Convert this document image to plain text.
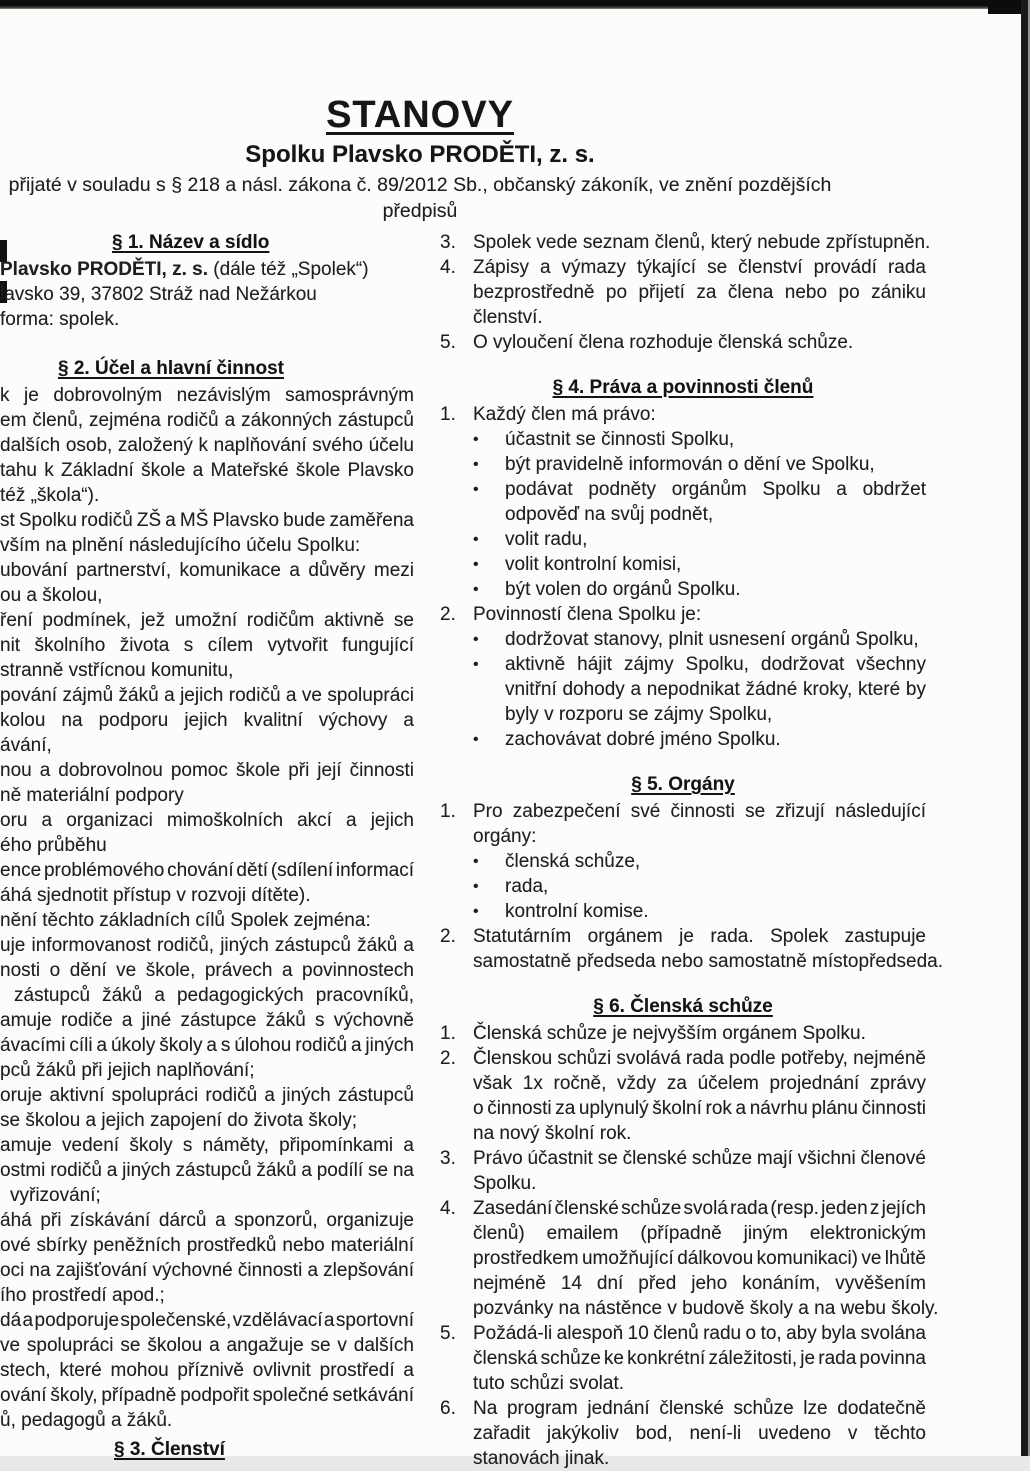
STANOVY
Spolku Plavsko PRODĚTI, z. s.

přijaté v souladu s § 218 a násl. zákona č. 89/2012 Sb., občanský zákoník, ve znění pozdějších předpisů

§ 1. Název a sídlo
Plavsko PRODĚTI, z. s. (dále též „Spolek“)
lavsko 39, 37802 Stráž nad Nežárkou
forma: spolek.
§ 2. Účel a hlavní činnost
k je dobrovolným nezávislým samosprávným
em členů, zejména rodičů a zákonných zástupců
dalších osob, založený k naplňování svého účelu
tahu k Základní škole a Mateřské škole Plavsko
též „škola“).
st Spolku rodičů ZŠ a MŠ Plavsko bude zaměřena
vším na plnění následujícího účelu Spolku:
ubování partnerství, komunikace a důvěry mezi
ou a školou,
ření podmínek, jež umožní rodičům aktivně se
nit školního života s cílem vytvořit fungující
stranně vstřícnou komunitu,
pování zájmů žáků a jejich rodičů a ve spolupráci
kolou na podporu jejich kvalitní výchovy a
ávání,
nou a dobrovolnou pomoc škole při její činnosti
ně materiální podpory
oru a organizaci mimoškolních akcí a jejich
ého průběhu
ence problémového chování dětí (sdílení informací
áhá sjednotit přístup v rozvoji dítěte).
nění těchto základních cílů Spolek zejména:
uje informovanost rodičů, jiných zástupců žáků a
nosti o dění ve škole, právech a povinnostech
zástupců žáků a pedagogických pracovníků,
amuje rodiče a jiné zástupce žáků s výchovně
ávacími cíli a úkoly školy a s úlohou rodičů a jiných
pců žáků při jejich naplňování;
oruje aktivní spolupráci rodičů a jiných zástupců
se školou a jejich zapojení do života školy;
amuje vedení školy s náměty, připomínkami a
ostmi rodičů a jiných zástupců žáků a podílí se na
vyřizování;
áhá při získávání dárců a sponzorů, organizuje
ové sbírky peněžních prostředků nebo materiální
oci na zajišťování výchovné činnosti a zlepšování
ího prostředí apod.;
dá a podporuje společenské, vzdělávací a sportovní
ve spolupráci se školou a angažuje se v dalších
stech, které mohou příznivě ovlivnit prostředí a
ování školy, případně podpořit společné setkávání
ů, pedagogů a žáků.
§ 3. Členství
3. Spolek vede seznam členů, který nebude zpřístupněn.
4. Zápisy a výmazy týkající se členství provádí rada
bezprostředně po přijetí za člena nebo po zániku
členství.
5. O vyloučení člena rozhoduje členská schůze.
§ 4. Práva a povinnosti členů
1. Každý člen má právo:
•	účastnit se činnosti Spolku,
•	být pravidelně informován o dění ve Spolku,
•	podávat podněty orgánům Spolku a obdržet
odpověď na svůj podnět,
•	volit radu,
•	volit kontrolní komisi,
•	být volen do orgánů Spolku.
2. Povinností člena Spolku je:
•	dodržovat stanovy, plnit usnesení orgánů Spolku,
•	aktivně hájit zájmy Spolku, dodržovat všechny
vnitřní dohody a nepodnikat žádné kroky, které by
byly v rozporu se zájmy Spolku,
•	zachovávat dobré jméno Spolku.
§ 5. Orgány
1. Pro zabezpečení své činnosti se zřizují následující
orgány:
•	členská schůze,
•	rada,
•	kontrolní komise.
2. Statutárním orgánem je rada. Spolek zastupuje
samostatně předseda nebo samostatně místopředseda.
§ 6. Členská schůze
1. Členská schůze je nejvyšším orgánem Spolku.
2. Členskou schůzi svolává rada podle potřeby, nejméně
však 1x ročně, vždy za účelem projednání zprávy
o činnosti za uplynulý školní rok a návrhu plánu činnosti
na nový školní rok.
3. Právo účastnit se členské schůze mají všichni členové
Spolku.
4. Zasedání členské schůze svolá rada (resp. jeden z jejích
členů) emailem (případně jiným elektronickým
prostředkem umožňující dálkovou komunikaci) ve lhůtě
nejméně 14 dní před jeho konáním, vyvěšením
pozvánky na nástěnce v budově školy a na webu školy.
5. Požádá-li alespoň 10 členů radu o to, aby byla svolána
členská schůze ke konkrétní záležitosti, je rada povinna
tuto schůzi svolat.
6. Na program jednání členské schůze lze dodatečně
zařadit jakýkoliv bod, není-li uvedeno v těchto
stanovách jinak.
